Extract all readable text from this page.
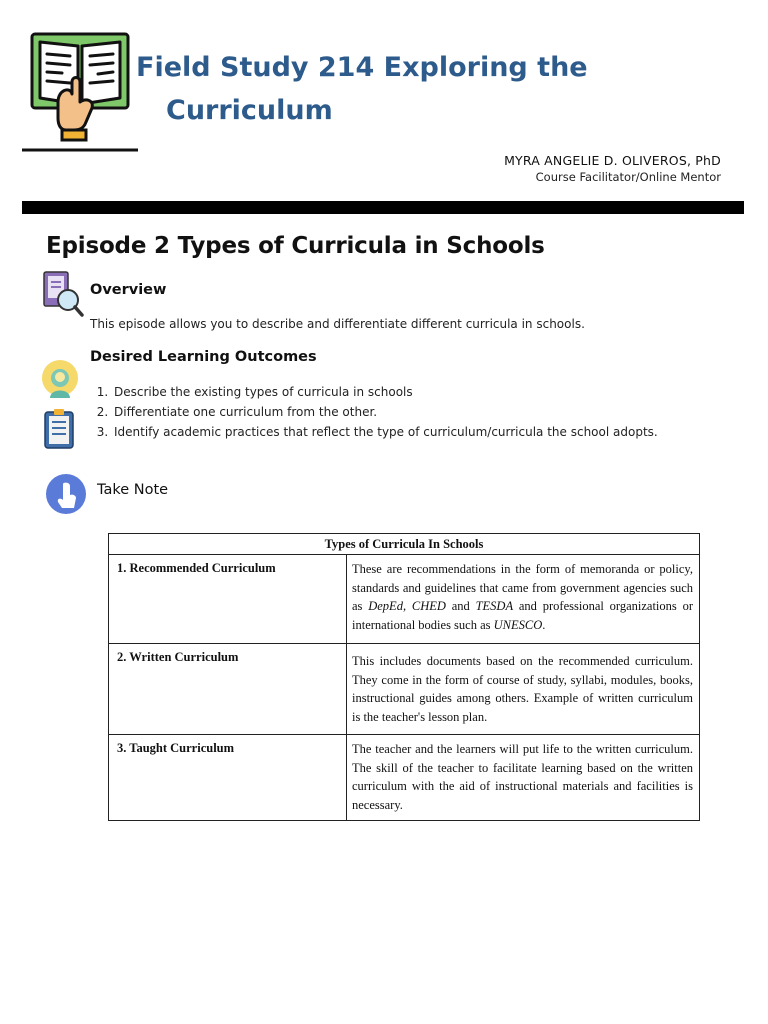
Field Study 214 Exploring the
Curriculum
MYRA ANGELIE D. OLIVEROS, PhD
Course Facilitator/Online Mentor
Episode 2 Types of Curricula in Schools
Overview
This episode allows you to describe and differentiate different curricula in schools.
Desired Learning Outcomes
1. Describe the existing types of curricula in schools
2. Differentiate one curriculum from the other.
3. Identify academic practices that reflect the type of curriculum/curricula the school adopts.
Take Note
Types of Curricula In Schools	
1. Recommended Curriculum	These are recommendations in the form of memoranda or policy, standards and guidelines that came from government agencies such as DepEd, CHED and TESDA and professional organizations or international bodies such as UNESCO.
2. Written Curriculum	This includes documents based on the recommended curriculum. They come in the form of course of study, syllabi, modules, books, instructional guides among others. Example of written curriculum is the teacher's lesson plan.
3. Taught Curriculum	The teacher and the learners will put life to the written curriculum. The skill of the teacher to facilitate learning based on the written curriculum with the aid of instructional materials and facilities is necessary.
